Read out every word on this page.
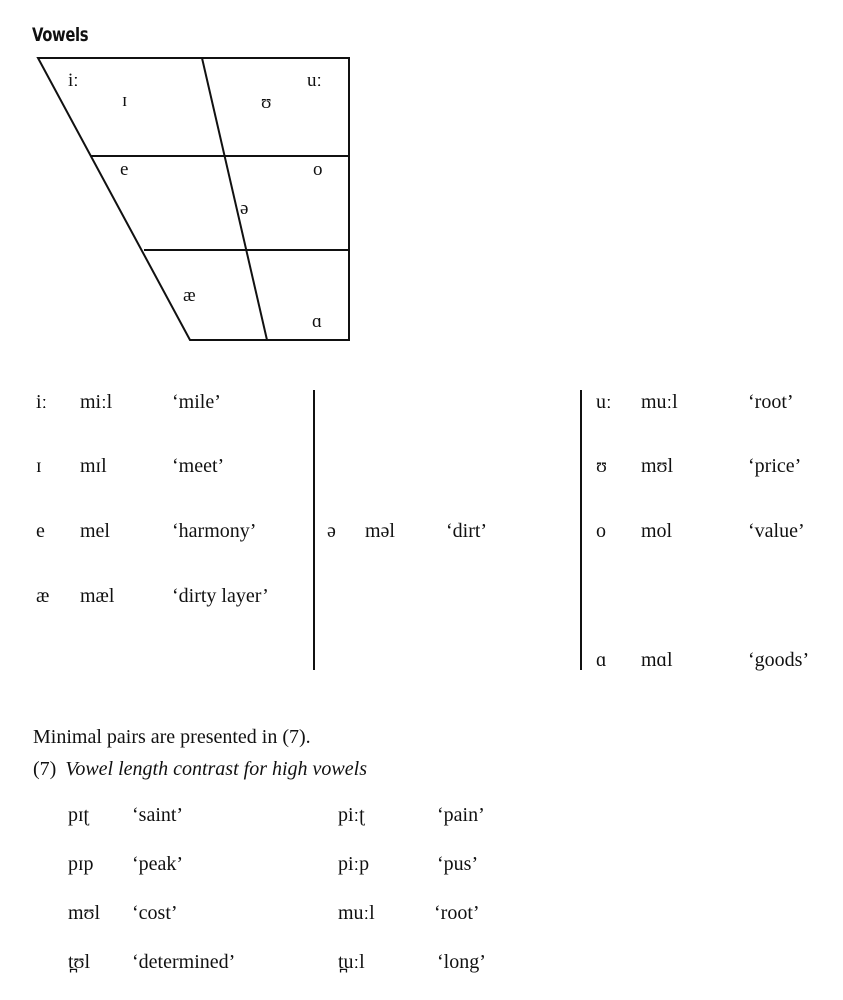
Vowels
iː
ɪ	ʊ
uː
e	o
ə
æ
ɑ
iː miːl	‘mile’
ɪ mɪl	‘meet’
e mel	‘harmony’
æ mæl	‘dirty layer’
ə məl	‘dirt’
uː muːl	‘root’
ʊ mʊl	‘price’
o mol	‘value’
ɑ mɑl	‘goods’
Minimal pairs are presented in (7).
(7) Vowel length contrast for high vowels
pɪʈ ‘saint’	piːʈ	‘pain’
pɪp ‘peak’	piːp	‘pus’
mʊl ‘cost’	muːl	‘root’
t̪ʊl ‘determined’	t̪uːl	‘long’
